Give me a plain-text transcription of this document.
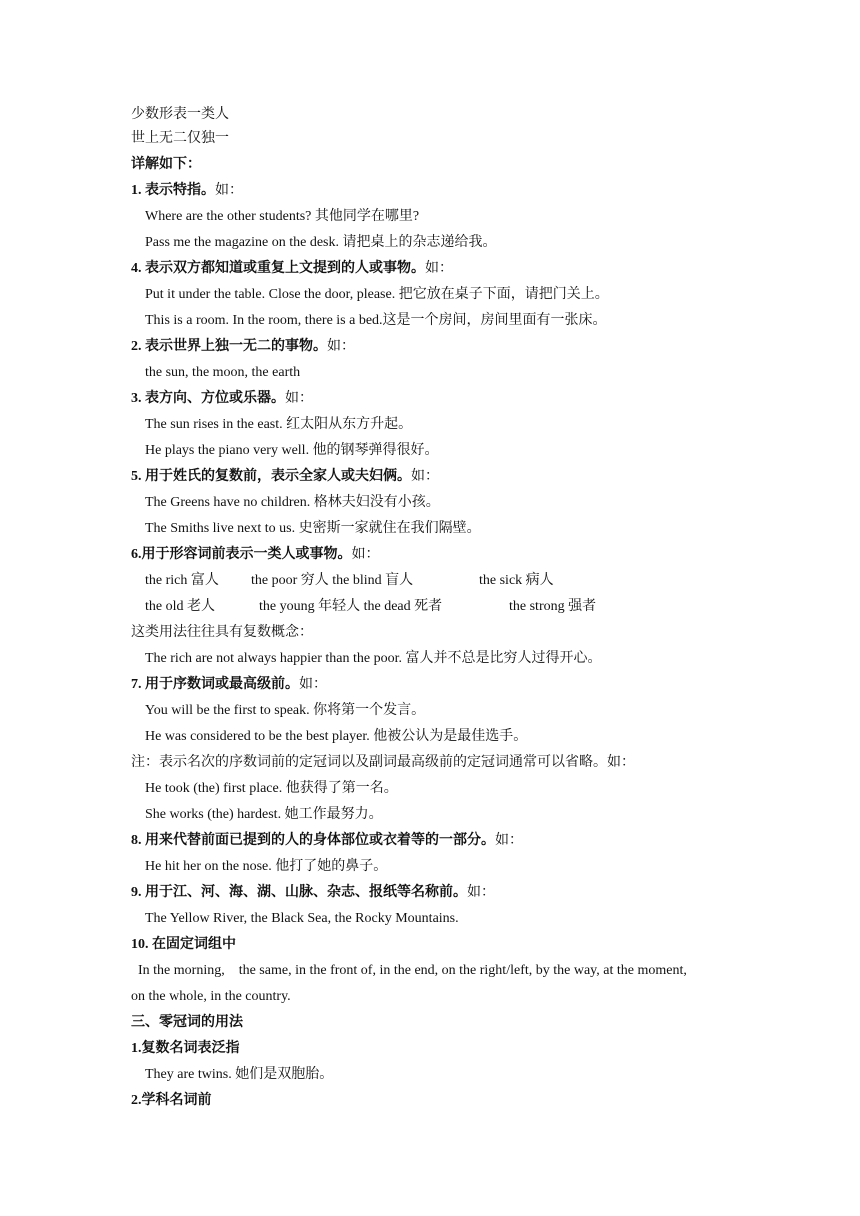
少数形表一类人
世上无二仅独一
详解如下：
1. 表示特指。如：
Where are the other students? 其他同学在哪里?
Pass me the magazine on the desk. 请把桌上的杂志递给我。
4. 表示双方都知道或重复上文提到的人或事物。如：
Put it under the table. Close the door, please. 把它放在桌子下面，请把门关上。
This is a room. In the room, there is a bed.这是一个房间，房间里面有一张床。
2. 表示世界上独一无二的事物。如：
the sun, the moon, the earth
3. 表方向、方位或乐器。如：
The sun rises in the east. 红太阳从东方升起。
He plays the piano very well. 他的钢琴弹得很好。
5. 用于姓氏的复数前，表示全家人或夫妇俩。如：
The Greens have no children. 格林夫妇没有小孩。
The Smiths live next to us. 史密斯一家就住在我们隔壁。
6.用于形容词前表示一类人或事物。如：
the rich 富人 the poor 穷人 the blind 盲人	the sick 病人
the old 老人	the young 年轻人 the dead 死者	the strong 强者
这类用法往往具有复数概念：
The rich are not always happier than the poor. 富人并不总是比穷人过得开心。
7. 用于序数词或最高级前。如：
You will be the first to speak. 你将第一个发言。
He was considered to be the best player. 他被公认为是最佳选手。
注：表示名次的序数词前的定冠词以及副词最高级前的定冠词通常可以省略。如：
He took (the) first place. 他获得了第一名。
She works (the) hardest. 她工作最努力。
8. 用来代替前面已提到的人的身体部位或衣着等的一部分。如：
He hit her on the nose. 他打了她的鼻子。
9. 用于江、河、海、湖、山脉、杂志、报纸等名称前。如：
The Yellow River, the Black Sea, the Rocky Mountains.
10. 在固定词组中
In the morning,    the same, in the front of, in the end, on the right/left, by the way, at the moment,
on the whole, in the country.
三、零冠词的用法
1.复数名词表泛指
They are twins. 她们是双胞胎。
2.学科名词前
